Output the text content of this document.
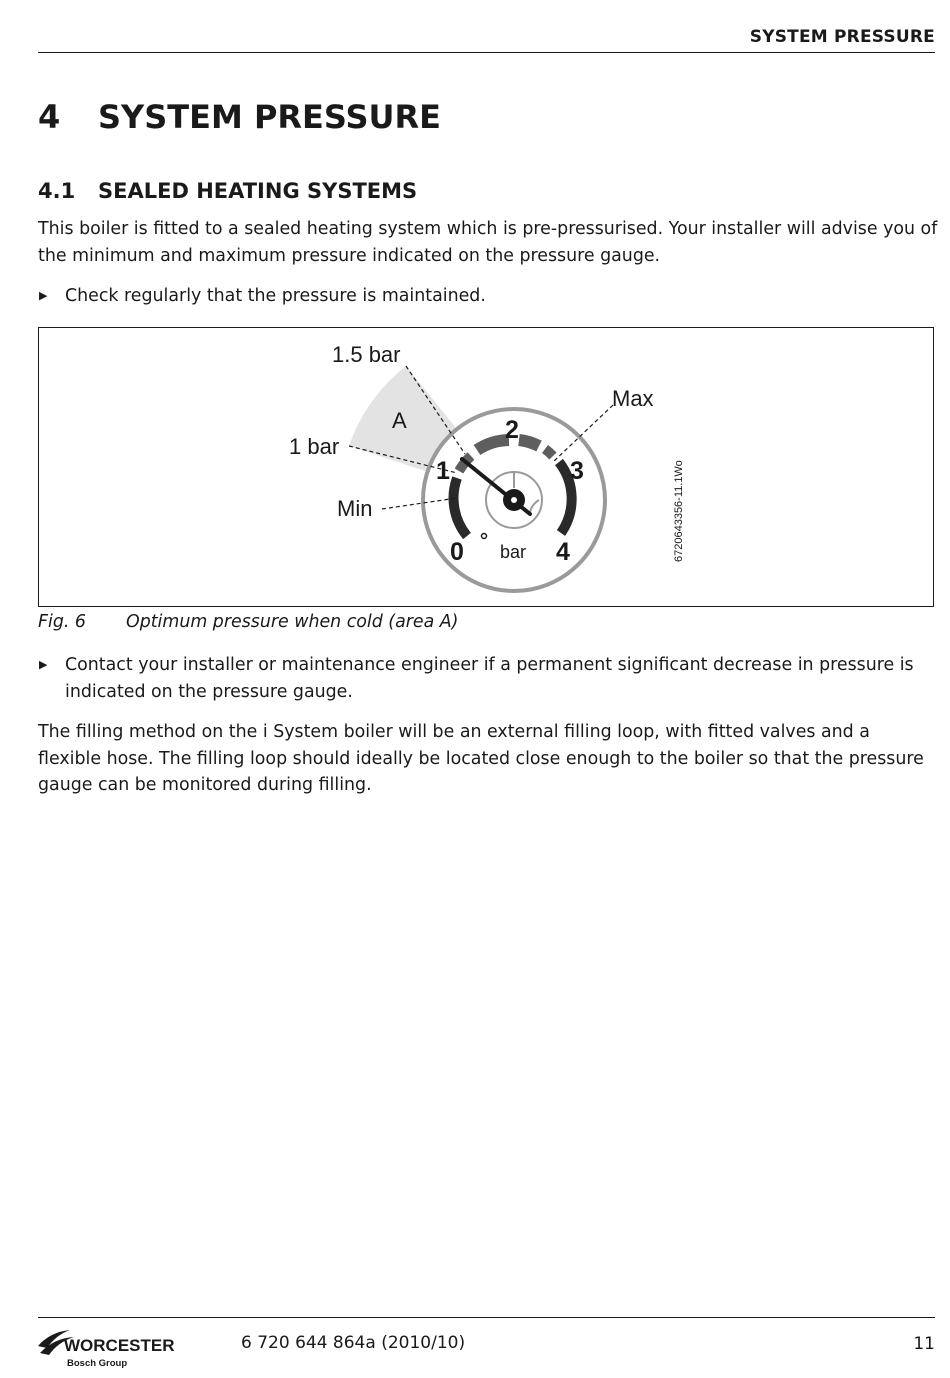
SYSTEM PRESSURE
4 SYSTEM PRESSURE
4.1 SEALED HEATING SYSTEMS
This boiler is fitted to a sealed heating system which is pre-pressurised. Your installer will advise you of the minimum and maximum pressure indicated on the pressure gauge.
▶ Check regularly that the pressure is maintained.
1.5 bar
A
1 bar
Max
Min
0
1
2
3
4
bar	6720643356-11.1Wo
Fig. 6 Optimum pressure when cold (area A)
▶ Contact your installer or maintenance engineer if a permanent significant decrease in pressure is indicated on the pressure gauge.
The filling method on the i System boiler will be an external filling loop, with fitted valves and a flexible hose. The filling loop should ideally be located close enough to the boiler so that the pressure gauge can be monitored during filling.
WORCESTER
Bosch Group
6 720 644 864a (2010/10)	11
